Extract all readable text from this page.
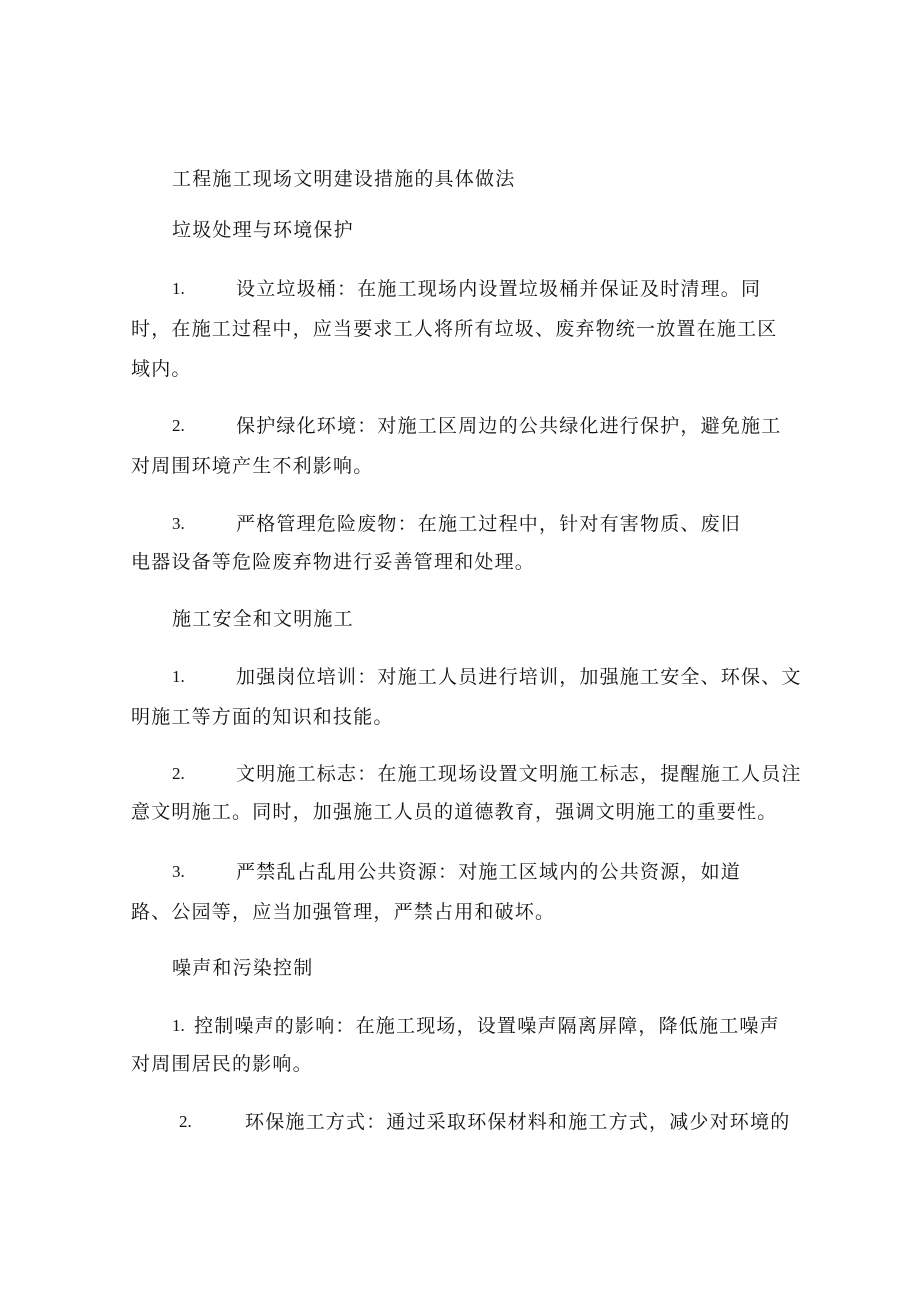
工程施工现场文明建设措施的具体做法
垃圾处理与环境保护
1.	设立垃圾桶：在施工现场内设置垃圾桶并保证及时清理。同
时，在施工过程中，应当要求工人将所有垃圾、废弃物统一放置在施工区
域内。
2.	保护绿化环境：对施工区周边的公共绿化进行保护，避免施工
对周围环境产生不利影响。
3.	严格管理危险废物：在施工过程中，针对有害物质、废旧
电器设备等危险废弃物进行妥善管理和处理。
施工安全和文明施工
1.	加强岗位培训：对施工人员进行培训，加强施工安全、环保、文
明施工等方面的知识和技能。
2.	文明施工标志：在施工现场设置文明施工标志，提醒施工人员注
意文明施工。同时，加强施工人员的道德教育，强调文明施工的重要性。
3.	严禁乱占乱用公共资源：对施工区域内的公共资源，如道
路、公园等，应当加强管理，严禁占用和破坏。
噪声和污染控制
1. 控制噪声的影响：在施工现场，设置噪声隔离屏障，降低施工噪声
对周围居民的影响。
2.	环保施工方式：通过采取环保材料和施工方式，减少对环境的
